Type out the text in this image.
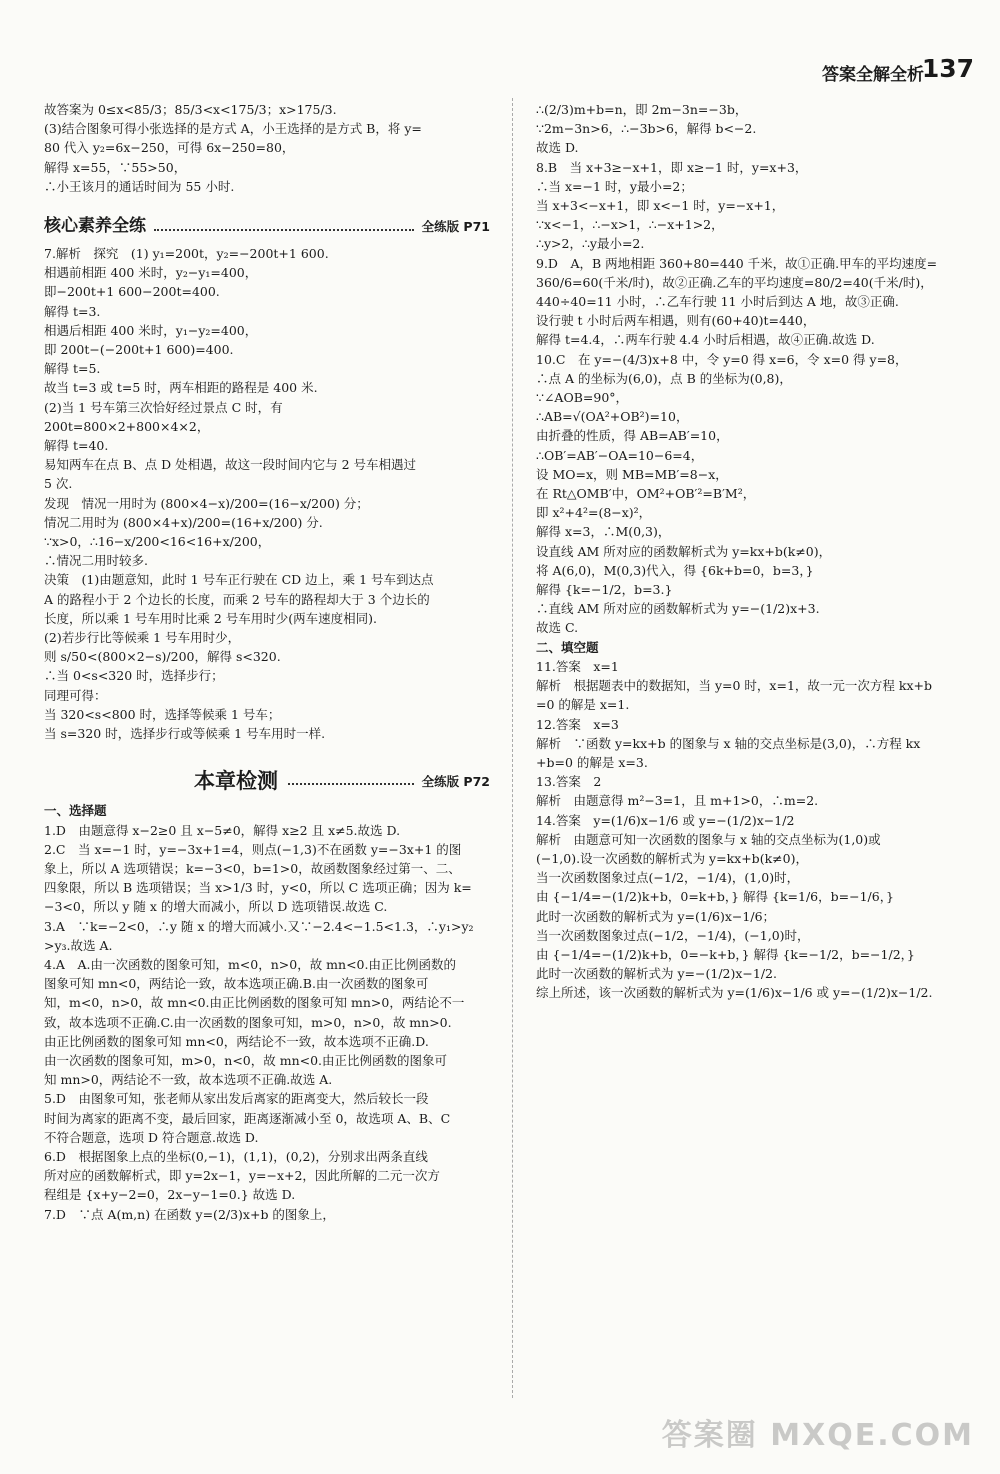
答案全解全析
137
故答案为 0≤x<85/3；85/3<x<175/3；x>175/3.
(3)结合图象可得小张选择的是方式 A，小王选择的是方式 B，将 y=
80 代入 y₂=6x−250，可得 6x−250=80，
解得 x=55，∵55>50，
∴小王该月的通话时间为 55 小时.
核心素养全练	全练版 P71
7.解析　探究　(1) y₁=200t，y₂=−200t+1 600.
相遇前相距 400 米时，y₂−y₁=400，
即−200t+1 600−200t=400.
解得 t=3.
相遇后相距 400 米时，y₁−y₂=400，
即 200t−(−200t+1 600)=400.
解得 t=5.
故当 t=3 或 t=5 时，两车相距的路程是 400 米.
(2)当 1 号车第三次恰好经过景点 C 时，有
200t=800×2+800×4×2，
解得 t=40.
易知两车在点 B、点 D 处相遇，故这一段时间内它与 2 号车相遇过
5 次.
发现　情况一用时为 (800×4−x)/200=(16−x/200) 分；
情况二用时为 (800×4+x)/200=(16+x/200) 分.
∵x>0，∴16−x/200<16<16+x/200，
∴情况二用时较多.
决策　(1)由题意知，此时 1 号车正行驶在 CD 边上，乘 1 号车到达点
A 的路程小于 2 个边长的长度，而乘 2 号车的路程却大于 3 个边长的
长度，所以乘 1 号车用时比乘 2 号车用时少(两车速度相同).
(2)若步行比等候乘 1 号车用时少，
则 s/50<(800×2−s)/200，解得 s<320.
∴当 0<s<320 时，选择步行；
同理可得：
当 320<s<800 时，选择等候乘 1 号车；
当 s=320 时，选择步行或等候乘 1 号车用时一样.
本章检测	全练版 P72
一、选择题
1.D　由题意得 x−2≥0 且 x−5≠0，解得 x≥2 且 x≠5.故选 D.
2.C　当 x=−1 时，y=−3x+1=4，则点(−1,3)不在函数 y=−3x+1 的图
象上，所以 A 选项错误；k=−3<0，b=1>0，故函数图象经过第一、二、
四象限，所以 B 选项错误；当 x>1/3 时，y<0，所以 C 选项正确；因为 k=
−3<0，所以 y 随 x 的增大而减小，所以 D 选项错误.故选 C.
3.A　∵k=−2<0，∴y 随 x 的增大而减小.又∵−2.4<−1.5<1.3，∴y₁>y₂
>y₃.故选 A.
4.A　A.由一次函数的图象可知，m<0，n>0，故 mn<0.由正比例函数的
图象可知 mn<0，两结论一致，故本选项正确.B.由一次函数的图象可
知，m<0，n>0，故 mn<0.由正比例函数的图象可知 mn>0，两结论不一
致，故本选项不正确.C.由一次函数的图象可知，m>0，n>0，故 mn>0.
由正比例函数的图象可知 mn<0，两结论不一致，故本选项不正确.D.
由一次函数的图象可知，m>0，n<0，故 mn<0.由正比例函数的图象可
知 mn>0，两结论不一致，故本选项不正确.故选 A.
5.D　由图象可知，张老师从家出发后离家的距离变大，然后较长一段
时间为离家的距离不变，最后回家，距离逐渐减小至 0，故选项 A、B、C
不符合题意，选项 D 符合题意.故选 D.
6.D　根据图象上点的坐标(0,−1)，(1,1)，(0,2)，分别求出两条直线
所对应的函数解析式，即 y=2x−1，y=−x+2，因此所解的二元一次方
程组是 {x+y−2=0，2x−y−1=0.} 故选 D.
7.D　∵点 A(m,n) 在函数 y=(2/3)x+b 的图象上，
∴(2/3)m+b=n，即 2m−3n=−3b，
∵2m−3n>6，∴−3b>6，解得 b<−2.
故选 D.
8.B　当 x+3≥−x+1，即 x≥−1 时，y=x+3，
∴当 x=−1 时，y最小=2；
当 x+3<−x+1，即 x<−1 时，y=−x+1，
∵x<−1，∴−x>1，∴−x+1>2，
∴y>2，∴y最小=2.
9.D　A，B 两地相距 360+80=440 千米，故①正确.甲车的平均速度=
360/6=60(千米/时)，故②正确.乙车的平均速度=80/2=40(千米/时)，
440÷40=11 小时，∴乙车行驶 11 小时后到达 A 地，故③正确.
设行驶 t 小时后两车相遇，则有(60+40)t=440，
解得 t=4.4，∴两车行驶 4.4 小时后相遇，故④正确.故选 D.
10.C　在 y=−(4/3)x+8 中，令 y=0 得 x=6，令 x=0 得 y=8，
∴点 A 的坐标为(6,0)，点 B 的坐标为(0,8)，
∵∠AOB=90°，
∴AB=√(OA²+OB²)=10，
由折叠的性质，得 AB=AB′=10，
∴OB′=AB′−OA=10−6=4，
设 MO=x，则 MB=MB′=8−x，
在 Rt△OMB′中，OM²+OB′²=B′M²，
即 x²+4²=(8−x)²，
解得 x=3，∴M(0,3)，
设直线 AM 所对应的函数解析式为 y=kx+b(k≠0)，
将 A(6,0)，M(0,3)代入，得 {6k+b=0，b=3，}
解得 {k=−1/2，b=3.}
∴直线 AM 所对应的函数解析式为 y=−(1/2)x+3.
故选 C.
二、填空题
11.答案　x=1
解析　根据题表中的数据知，当 y=0 时，x=1，故一元一次方程 kx+b
=0 的解是 x=1.
12.答案　x=3
解析　∵函数 y=kx+b 的图象与 x 轴的交点坐标是(3,0)，∴方程 kx
+b=0 的解是 x=3.
13.答案　2
解析　由题意得 m²−3=1，且 m+1>0，∴m=2.
14.答案　y=(1/6)x−1/6 或 y=−(1/2)x−1/2
解析　由题意可知一次函数的图象与 x 轴的交点坐标为(1,0)或
(−1,0).设一次函数的解析式为 y=kx+b(k≠0)，
当一次函数图象过点(−1/2，−1/4)，(1,0)时，
由 {−1/4=−(1/2)k+b，0=k+b，} 解得 {k=1/6，b=−1/6，}
此时一次函数的解析式为 y=(1/6)x−1/6；
当一次函数图象过点(−1/2，−1/4)，(−1,0)时，
由 {−1/4=−(1/2)k+b，0=−k+b，} 解得 {k=−1/2，b=−1/2，}
此时一次函数的解析式为 y=−(1/2)x−1/2.
综上所述，该一次函数的解析式为 y=(1/6)x−1/6 或 y=−(1/2)x−1/2.
答案圈 MXQE.COM
